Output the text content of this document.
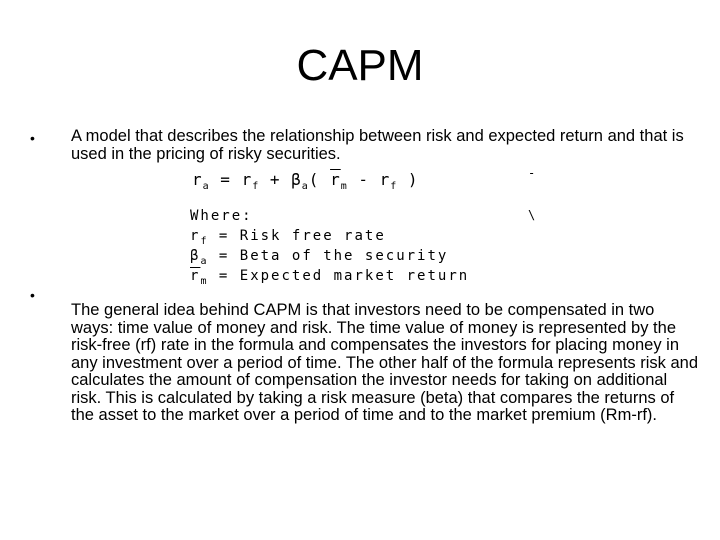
CAPM
• A model that describes the relationship between risk and expected return and that is used in the pricing of risky securities.
$r_a = r_f + \beta_a$( $\overline{r}_m - r_f$ )	-
Where:	\
$r_f$ = Risk free rate
$\beta_a$ = Beta of the security
$\overline{r}_m$ = Expected market return
•
The general idea behind CAPM is that investors need to be compensated in two ways: time value of money and risk. The time value of money is represented by the risk-free (rf) rate in the formula and compensates the investors for placing money in any investment over a period of time. The other half of the formula represents risk and calculates the amount of compensation the investor needs for taking on additional risk. This is calculated by taking a risk measure (beta) that compares the returns of the asset to the market over a period of time and to the market premium (Rm-rf).
